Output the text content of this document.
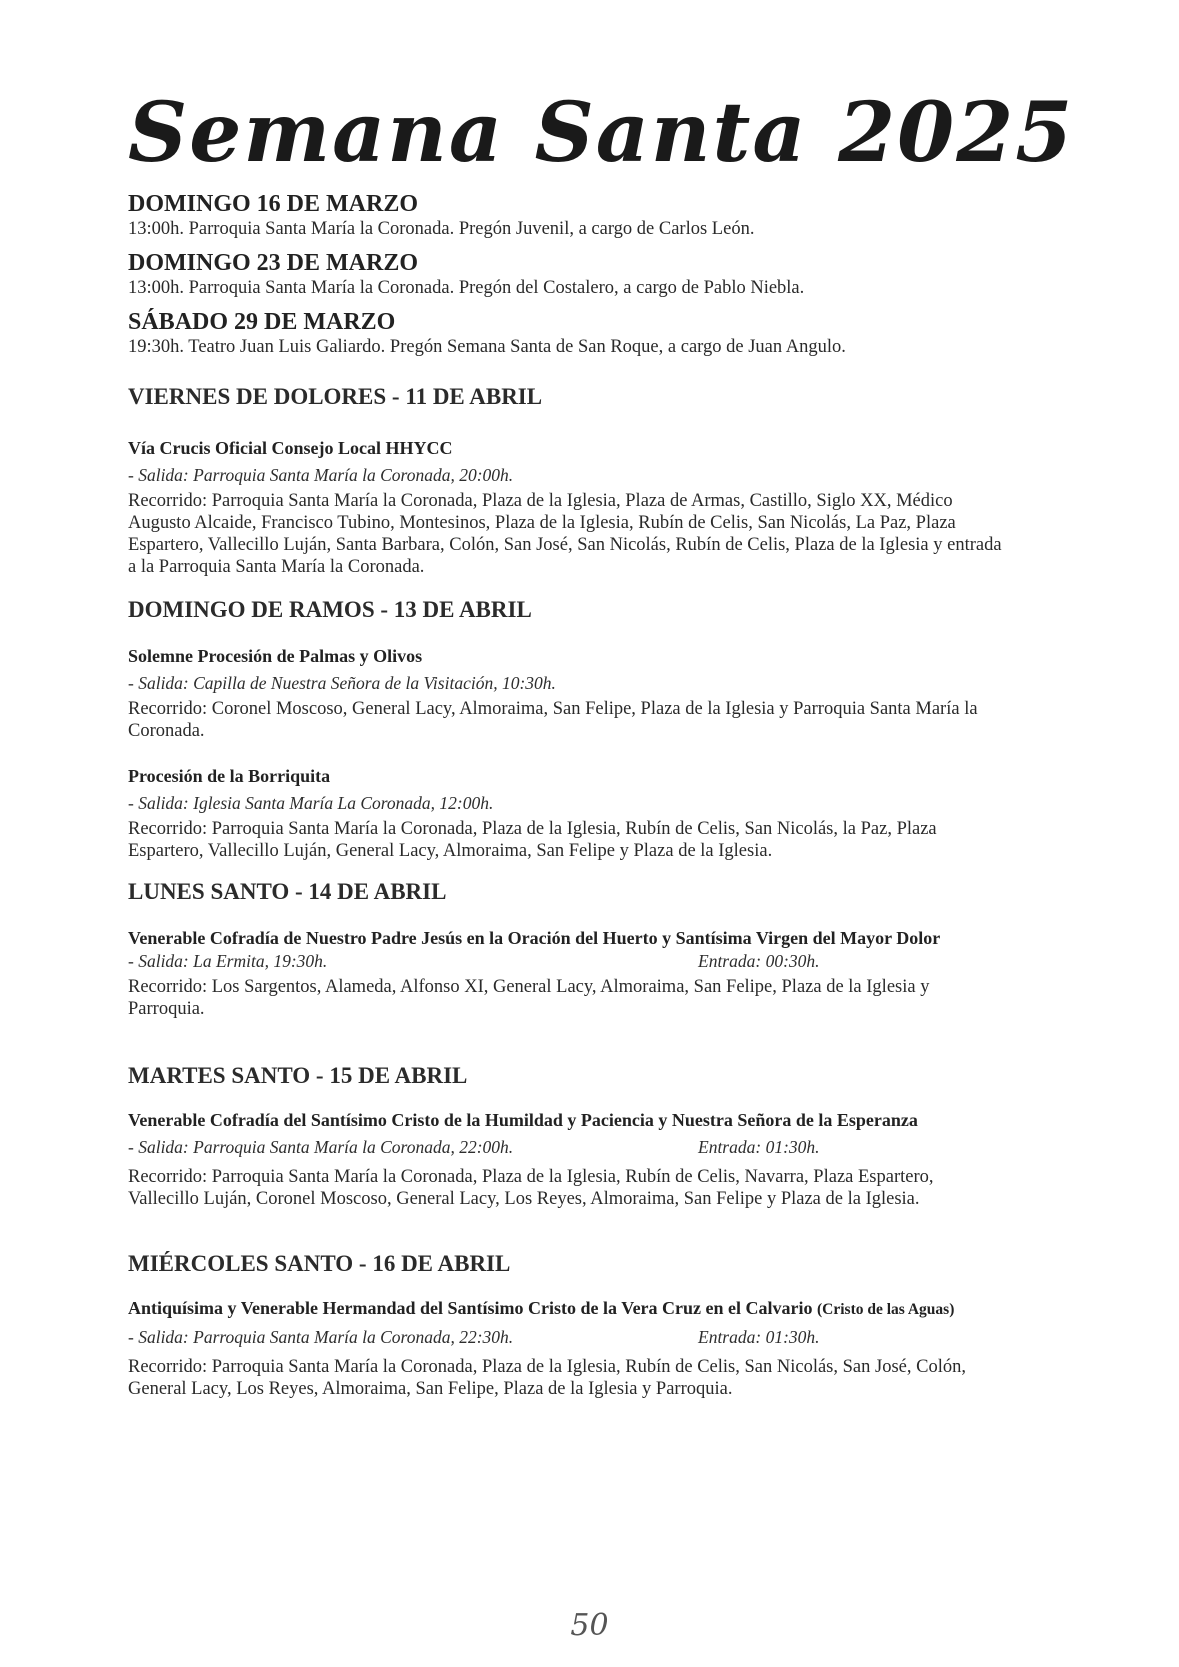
Semana Santa 2025

DOMINGO 16 DE MARZO

13:00h. Parroquia Santa María la Coronada. Pregón Juvenil, a cargo de Carlos León.

DOMINGO 23 DE MARZO

13:00h. Parroquia Santa María la Coronada. Pregón del Costalero, a cargo de Pablo Niebla.

SÁBADO 29 DE MARZO

19:30h. Teatro Juan Luis Galiardo. Pregón Semana Santa de San Roque, a cargo de Juan Angulo.

VIERNES DE DOLORES - 11 DE ABRIL

Vía Crucis Oficial Consejo Local HHYCC

- Salida: Parroquia Santa María la Coronada, 20:00h.

Recorrido: Parroquia Santa María la Coronada, Plaza de la Iglesia, Plaza de Armas, Castillo, Siglo XX, Médico Augusto Alcaide, Francisco Tubino, Montesinos, Plaza de la Iglesia, Rubín de Celis, San Nicolás, La Paz, Plaza Espartero, Vallecillo Luján, Santa Barbara, Colón, San José, San Nicolás, Rubín de Celis, Plaza de la Iglesia y entrada a la Parroquia Santa María la Coronada.

DOMINGO DE RAMOS - 13 DE ABRIL

Solemne Procesión de Palmas y Olivos

- Salida: Capilla de Nuestra Señora de la Visitación, 10:30h.

Recorrido: Coronel Moscoso, General Lacy, Almoraima, San Felipe, Plaza de la Iglesia y Parroquia Santa María la Coronada.

Procesión de la Borriquita

- Salida: Iglesia Santa María La Coronada, 12:00h.

Recorrido: Parroquia Santa María la Coronada, Plaza de la Iglesia, Rubín de Celis, San Nicolás, la Paz, Plaza Espartero, Vallecillo Luján, General Lacy, Almoraima, San Felipe y Plaza de la Iglesia.

LUNES SANTO - 14 DE ABRIL

Venerable Cofradía de Nuestro Padre Jesús en la Oración del Huerto y Santísima Virgen del Mayor Dolor

- Salida: La Ermita, 19:30h.	Entrada: 00:30h.

Recorrido: Los Sargentos, Alameda, Alfonso XI, General Lacy, Almoraima, San Felipe, Plaza de la Iglesia y Parroquia.

MARTES SANTO - 15 DE ABRIL

Venerable Cofradía del Santísimo Cristo de la Humildad y Paciencia y Nuestra Señora de la Esperanza

- Salida: Parroquia Santa María la Coronada, 22:00h.	Entrada: 01:30h.

Recorrido: Parroquia Santa María la Coronada, Plaza de la Iglesia, Rubín de Celis, Navarra, Plaza Espartero, Vallecillo Luján, Coronel Moscoso, General Lacy, Los Reyes, Almoraima, San Felipe y Plaza de la Iglesia.

MIÉRCOLES SANTO - 16 DE ABRIL

Antiquísima y Venerable Hermandad del Santísimo Cristo de la Vera Cruz en el Calvario (Cristo de las Aguas)

- Salida: Parroquia Santa María la Coronada, 22:30h.	Entrada: 01:30h.

Recorrido: Parroquia Santa María la Coronada, Plaza de la Iglesia, Rubín de Celis, San Nicolás, San José, Colón, General Lacy, Los Reyes, Almoraima, San Felipe, Plaza de la Iglesia y Parroquia.

50
